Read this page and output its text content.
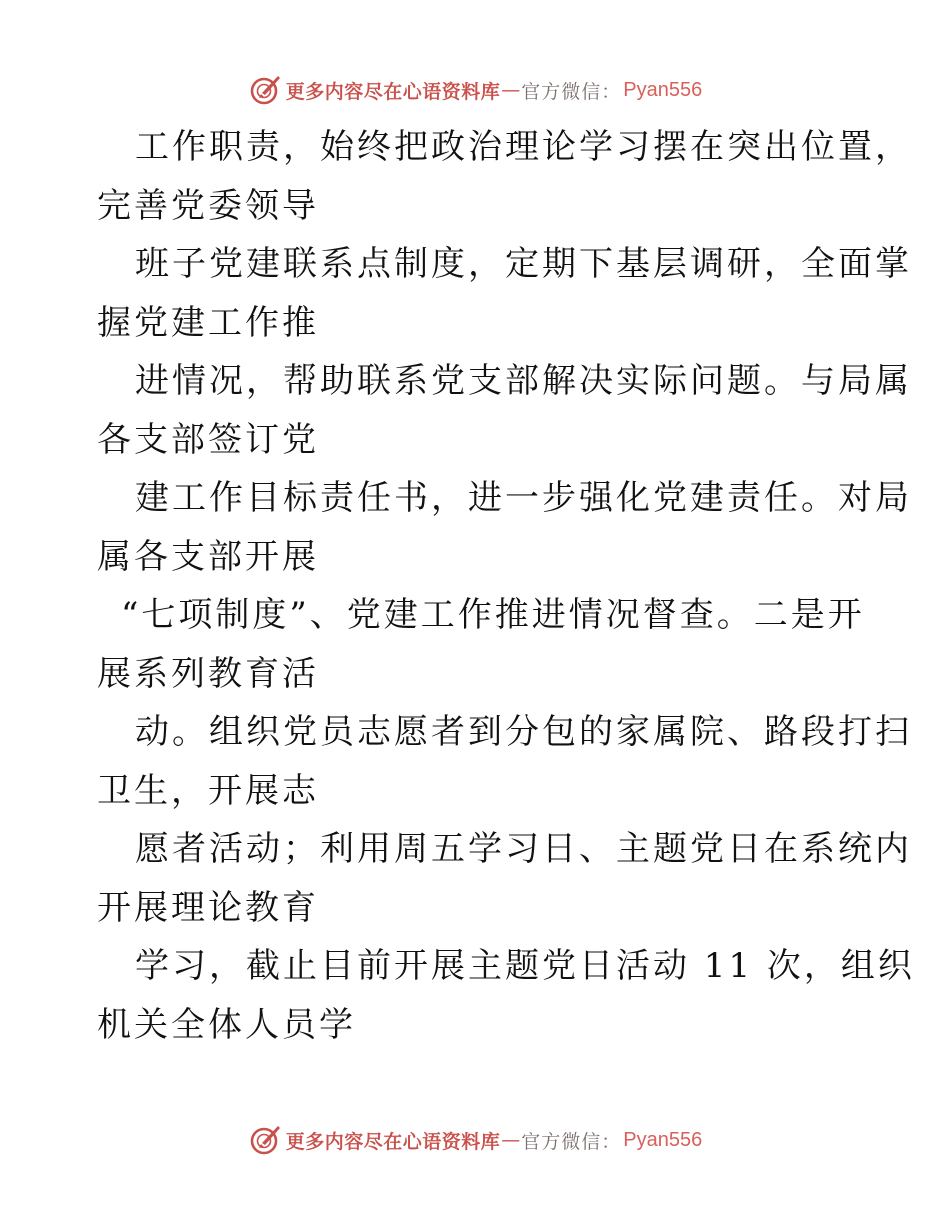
更多内容尽在心语资料库 — 官方微信： Pyan556
工作职责，始终把政治理论学习摆在突出位置，
完善党委领导
班子党建联系点制度，定期下基层调研，全面掌
握党建工作推
进情况，帮助联系党支部解决实际问题。与局属
各支部签订党
建工作目标责任书，进一步强化党建责任。对局
属各支部开展
“七项制度”、党建工作推进情况督查。二是开
展系列教育活
动。组织党员志愿者到分包的家属院、路段打扫
卫生，开展志
愿者活动；利用周五学习日、主题党日在系统内
开展理论教育
学习，截止目前开展主题党日活动 11 次，组织
机关全体人员学
更多内容尽在心语资料库 — 官方微信： Pyan556
